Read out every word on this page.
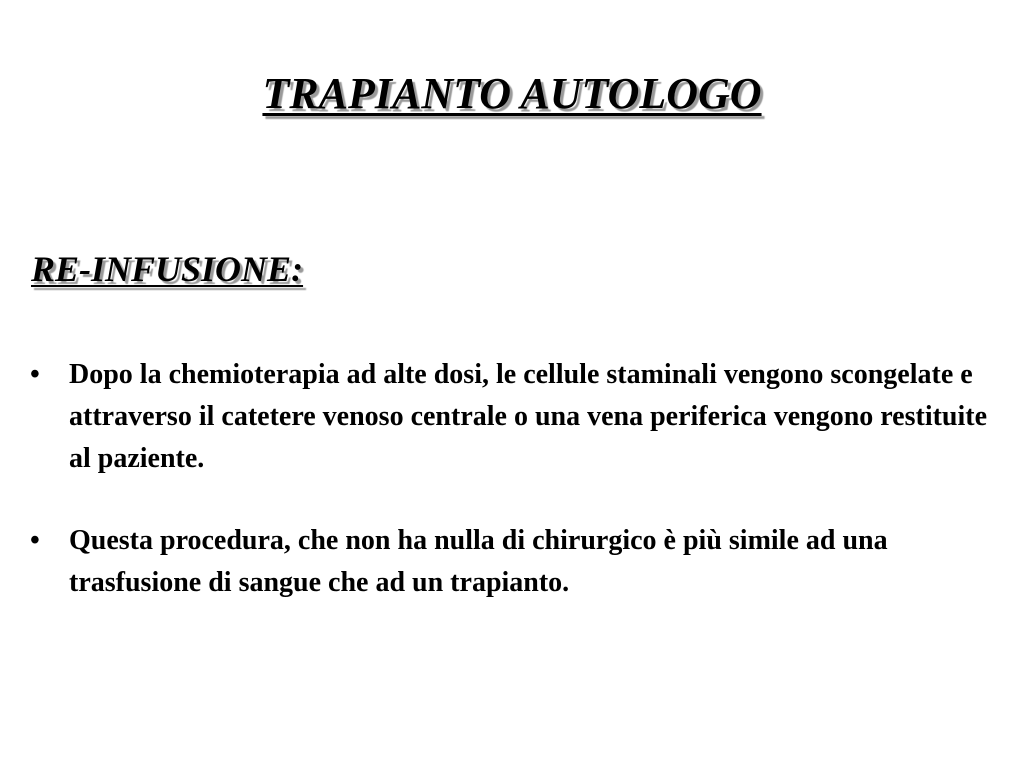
TRAPIANTO AUTOLOGO
RE-INFUSIONE:
• Dopo la chemioterapia ad alte dosi, le cellule staminali vengono scongelate e attraverso il catetere venoso centrale o una vena periferica vengono restituite al paziente.
• Questa procedura, che non ha nulla di chirurgico è più simile ad una trasfusione di sangue che ad un trapianto.
